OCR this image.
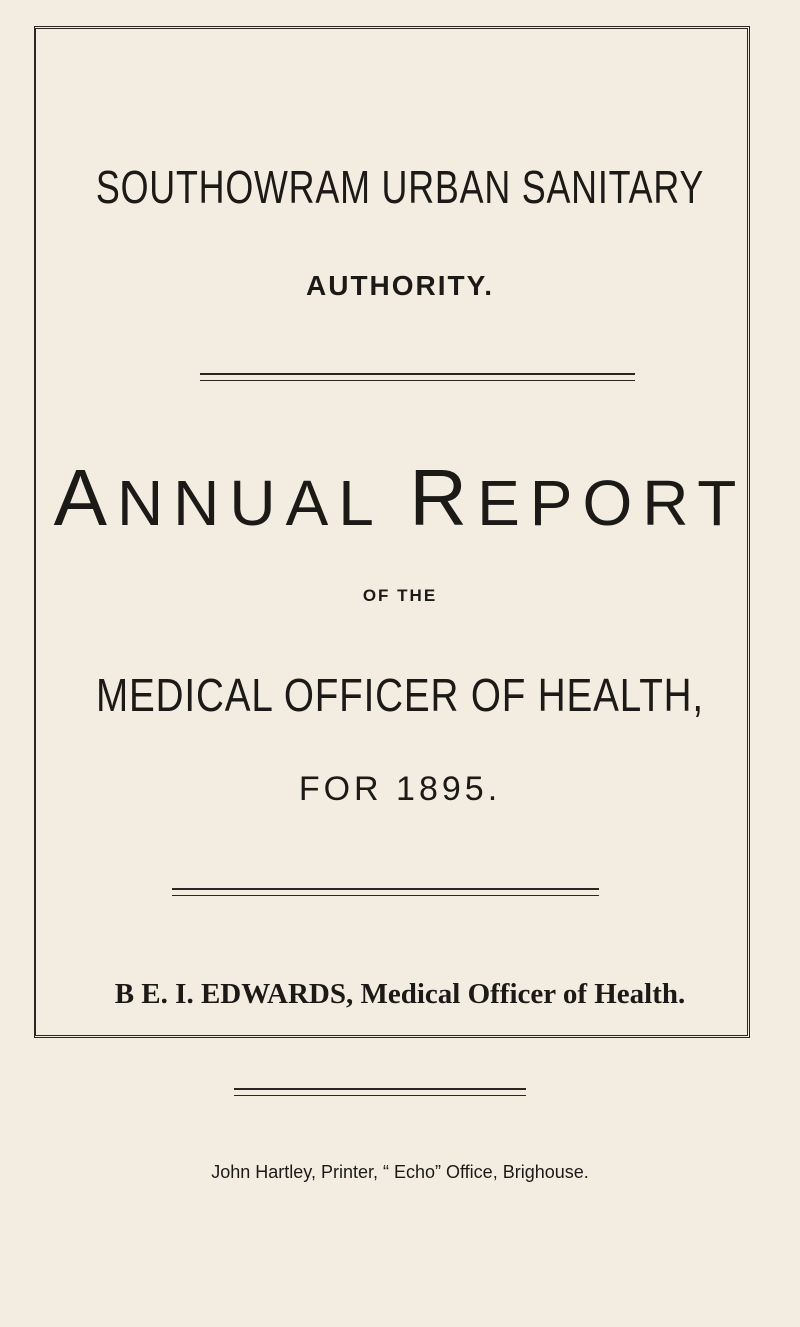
SOUTHOWRAM URBAN SANITARY
AUTHORITY.
ANNUAL REPORT
OF THE
MEDICAL OFFICER OF HEALTH,
FOR 1895.
B E. I. EDWARDS, Medical Officer of Health.
John Hartley, Printer, “ Echo” Office, Brighouse.
